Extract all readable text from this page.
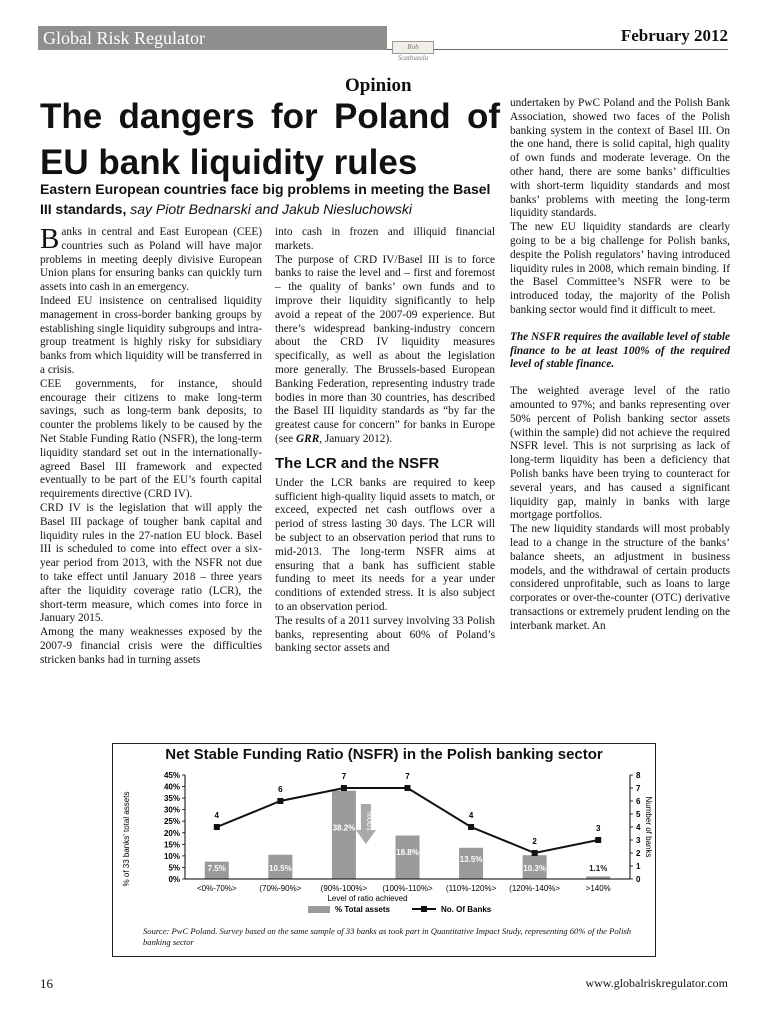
Global Risk Regulator	Rob Scatbuzela
February 2012
Opinion
The dangers for Poland of EU bank liquidity rules

Eastern European countries face big problems in meeting the Basel III standards, say Piotr Bednarski and Jakub Niesluchowski

Banks in central and East European (CEE) countries such as Poland will have major problems in meeting deeply divisive European Union plans for ensuring banks can quickly turn assets into cash in an emergency.

Indeed EU insistence on centralised liquidity management in cross-border banking groups by establishing single liquidity subgroups and intra-group treatment is highly risky for subsidiary banks from which liquidity will be transferred in a crisis.

CEE governments, for instance, should encourage their citizens to make long-term savings, such as long-term bank deposits, to counter the problems likely to be caused by the Net Stable Funding Ratio (NSFR), the long-term liquidity standard set out in the internationally-agreed Basel III framework and expected eventually to be part of the EU’s fourth capital requirements directive (CRD IV).

CRD IV is the legislation that will apply the Basel III package of tougher bank capital and liquidity rules in the 27-nation EU block. Basel III is scheduled to come into effect over a six-year period from 2013, with the NSFR not due to take effect until January 2018 – three years after the liquidity coverage ratio (LCR), the short-term measure, which comes into force in January 2015.

Among the many weaknesses exposed by the 2007-9 financial crisis were the difficulties stricken banks had in turning assets

into cash in frozen and illiquid financial markets.

The purpose of CRD IV/Basel III is to force banks to raise the level and – first and foremost – the quality of banks’ own funds and to improve their liquidity significantly to help avoid a repeat of the 2007-09 experience. But there’s widespread banking-industry concern about the CRD IV liquidity measures specifically, as well as about the legislation more generally. The Brussels-based European Banking Federation, representing industry trade bodies in more than 30 countries, has described the Basel III liquidity standards as “by far the greatest cause for concern” for banks in Europe (see GRR, January 2012).

The LCR and the NSFR

Under the LCR banks are required to keep sufficient high-quality liquid assets to match, or exceed, expected net cash outflows over a period of stress lasting 30 days. The LCR will be subject to an observation period that runs to mid-2013. The long-term NSFR aims at ensuring that a bank has sufficient stable funding to meet its needs for a year under conditions of extended stress. It is also subject to an observation period.

The results of a 2011 survey involving 33 Polish banks, representing about 60% of Poland’s banking sector assets and

undertaken by PwC Poland and the Polish Bank Association, showed two faces of the Polish banking system in the context of Basel III. On the one hand, there is solid capital, high quality of own funds and moderate leverage. On the other hand, there are some banks’ difficulties with short-term liquidity standards and most banks’ problems with meeting the long-term liquidity standards.

The new EU liquidity standards are clearly going to be a big challenge for Polish banks, despite the Polish regulators’ having introduced liquidity rules in 2008, which remain binding. If the Basel Committee’s NSFR were to be introduced today, the majority of the Polish banking sector would find it difficult to meet.

The NSFR requires the available level of stable finance to be at least 100% of the required level of stable finance.

The weighted average level of the ratio amounted to 97%; and banks representing over 50% percent of Polish banking sector assets (within the sample) did not achieve the required NSFR level. This is not surprising as lack of long-term liquidity has been a deficiency that Polish banks have been trying to counteract for several years, and has caused a significant liquidity gap, mainly in banks with large mortgage portfolios.

The new liquidity standards will most probably lead to a change in the structure of the banks’ balance sheets, an adjustment in business models, and the withdrawal of certain products considered unprofitable, such as loans to large corporates or over-the-counter (OTC) derivative transactions or extremely prudent lending on the interbank market. An

0%
5%
10%
15%
20%
25%
30%
35%
40%
45%
0
1
2
3
4
5
6
7
8
7.5%	10.5%
38.2%
18.8%
13.5%
10.3%	1.1%
100%
4
6
7	7
4
2
3
<0%-70%>	(70%-90%> (90%-100%> (100%-110%> (110%-120%> (120%-140%>	>140%
Level of ratio achieved
% of 33 banks' total assets	Number of banks
% Total assets	No. Of Banks
Net Stable Funding Ratio (NSFR) in the Polish banking sector
Source: PwC Poland. Survey based on the same sample of 33 banks as took part in Quantitative Impact Study, representing 60% of the Polish banking sector
16	www.globalriskregulator.com
